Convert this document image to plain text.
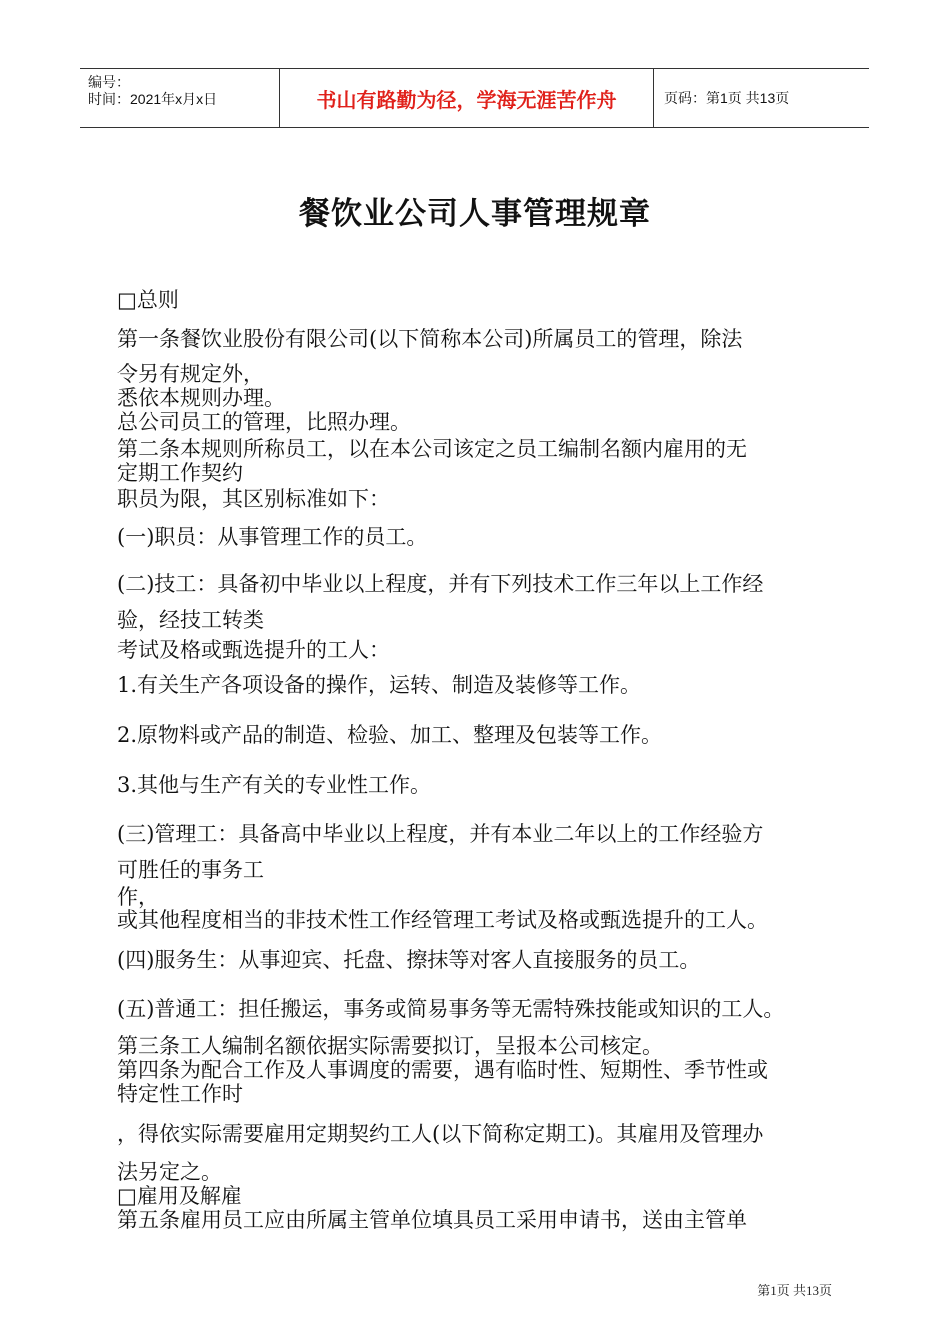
编号：
时间：2021年x月x日	书山有路勤为径，学海无涯苦作舟	页码：第1页 共13页
餐饮业公司人事管理规章
□总则
第一条餐饮业股份有限公司(以下简称本公司)所属员工的管理，除法
令另有规定外，
悉依本规则办理。
总公司员工的管理，比照办理。
第二条本规则所称员工，以在本公司该定之员工编制名额内雇用的无
定期工作契约
职员为限，其区别标准如下：
(一)职员：从事管理工作的员工。
(二)技工：具备初中毕业以上程度，并有下列技术工作三年以上工作经
验，经技工转类
考试及格或甄选提升的工人：
1.有关生产各项设备的操作，运转、制造及装修等工作。
2.原物料或产品的制造、检验、加工、整理及包装等工作。
3.其他与生产有关的专业性工作。
(三)管理工：具备高中毕业以上程度，并有本业二年以上的工作经验方
可胜任的事务工
作，
或其他程度相当的非技术性工作经管理工考试及格或甄选提升的工人。
(四)服务生：从事迎宾、托盘、擦抹等对客人直接服务的员工。
(五)普通工：担任搬运，事务或简易事务等无需特殊技能或知识的工人。
第三条工人编制名额依据实际需要拟订，呈报本公司核定。
第四条为配合工作及人事调度的需要，遇有临时性、短期性、季节性或
特定性工作时
，得依实际需要雇用定期契约工人(以下简称定期工)。其雇用及管理办
法另定之。
□雇用及解雇
第五条雇用员工应由所属主管单位填具员工采用申请书，送由主管单
第1页 共13页
